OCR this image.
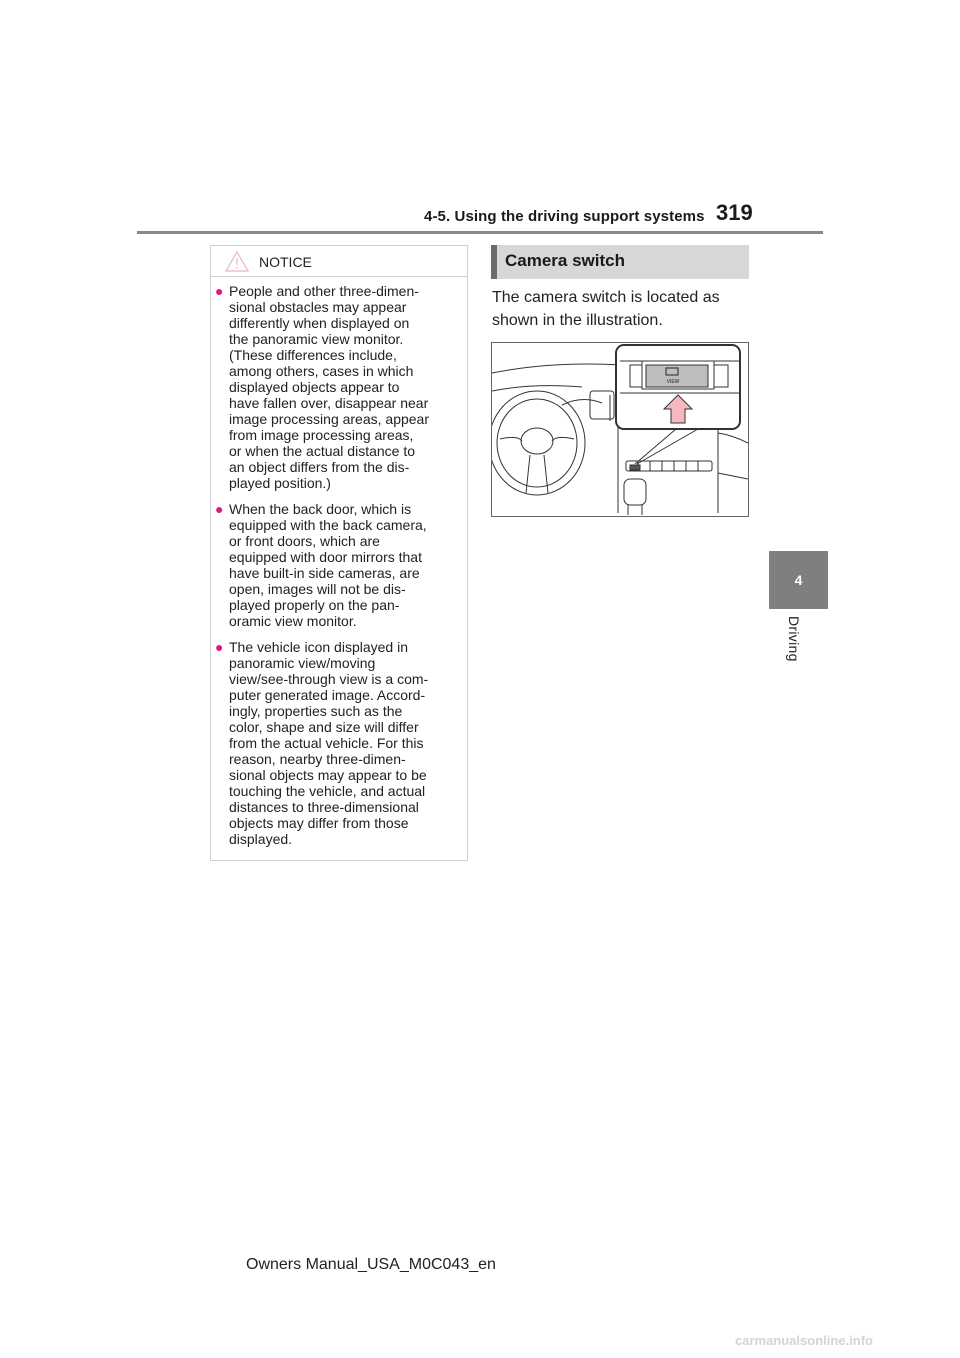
4-5. Using the driving support systems 319
4
Driving
NOTICE
● People and other three-dimen-
sional obstacles may appear
differently when displayed on
the panoramic view monitor.
(These differences include,
among others, cases in which
displayed objects appear to
have fallen over, disappear near
image processing areas, appear
from image processing areas,
or when the actual distance to
an object differs from the dis-
played position.)
● When the back door, which is
equipped with the back camera,
or front doors, which are
equipped with door mirrors that
have built-in side cameras, are
open, images will not be dis-
played properly on the pan-
oramic view monitor.
● The vehicle icon displayed in
panoramic view/moving
view/see-through view is a com-
puter generated image. Accord-
ingly, properties such as the
color, shape and size will differ
from the actual vehicle. For this
reason, nearby three-dimen-
sional objects may appear to be
touching the vehicle, and actual
distances to three-dimensional
objects may differ from those
displayed.
Camera switch
The camera switch is located as shown in the illustration.
VIEW
Owners Manual_USA_M0C043_en
carmanualsonline.info
